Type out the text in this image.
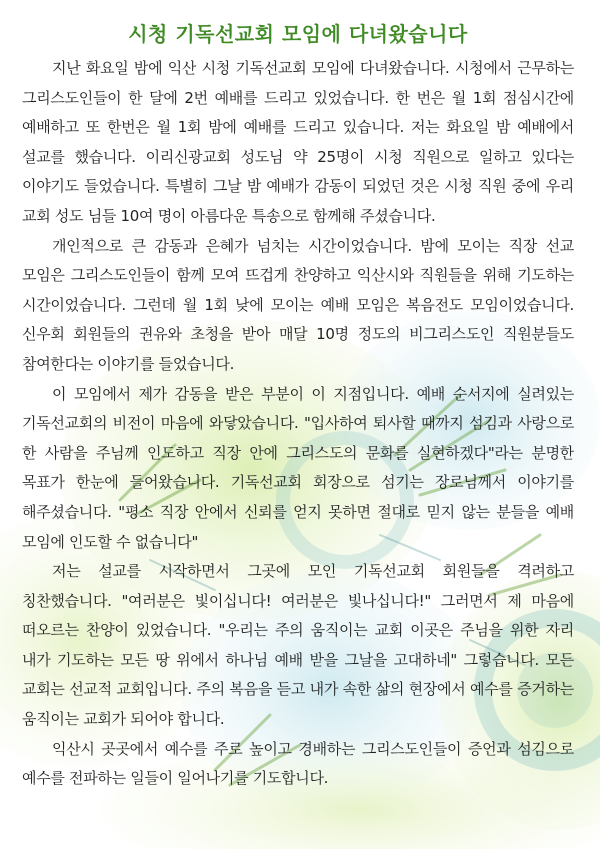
시청 기독선교회 모임에 다녀왔습니다

지난 화요일 밤에 익산 시청 기독선교회 모임에 다녀왔습니다. 시청에서 근무하는 그리스도인들이 한 달에 2번 예배를 드리고 있었습니다. 한 번은 월 1회 점심시간에 예배하고 또 한번은 월 1회 밤에 예배를 드리고 있습니다. 저는 화요일 밤 예배에서 설교를 했습니다. 이리신광교회 성도님 약 25명이 시청 직원으로 일하고 있다는 이야기도 들었습니다. 특별히 그날 밤 예배가 감동이 되었던 것은 시청 직원 중에 우리 교회 성도 님들 10여 명이 아름다운 특송으로 함께해 주셨습니다.

개인적으로 큰 감동과 은혜가 넘치는 시간이었습니다. 밤에 모이는 직장 선교 모임은 그리스도인들이 함께 모여 뜨겁게 찬양하고 익산시와 직원들을 위해 기도하는 시간이었습니다. 그런데 월 1회 낮에 모이는 예배 모임은 복음전도 모임이었습니다. 신우회 회원들의 권유와 초청을 받아 매달 10명 정도의 비그리스도인 직원분들도 참여한다는 이야기를 들었습니다.

이 모임에서 제가 감동을 받은 부분이 이 지점입니다. 예배 순서지에 실려있는 기독선교회의 비전이 마음에 와닿았습니다. "입사하여 퇴사할 때까지 섬김과 사랑으로 한 사람을 주님께 인도하고 직장 안에 그리스도의 문화를 실현하겠다"라는 분명한 목표가 한눈에 들어왔습니다. 기독선교회 회장으로 섬기는 장로님께서 이야기를 해주셨습니다. "평소 직장 안에서 신뢰를 얻지 못하면 절대로 믿지 않는 분들을 예배 모임에 인도할 수 없습니다"

저는 설교를 시작하면서 그곳에 모인 기독선교회 회원들을 격려하고 칭찬했습니다. "여러분은 빛이십니다! 여러분은 빛나십니다!" 그러면서 제 마음에 떠오르는 찬양이 있었습니다. "우리는 주의 움직이는 교회 이곳은 주님을 위한 자리 내가 기도하는 모든 땅 위에서 하나님 예배 받을 그날을 고대하네" 그렇습니다. 모든 교회는 선교적 교회입니다. 주의 복음을 듣고 내가 속한 삶의 현장에서 예수를 증거하는 움직이는 교회가 되어야 합니다.

익산시 곳곳에서 예수를 주로 높이고 경배하는 그리스도인들이 증언과 섬김으로 예수를 전파하는 일들이 일어나기를 기도합니다.
